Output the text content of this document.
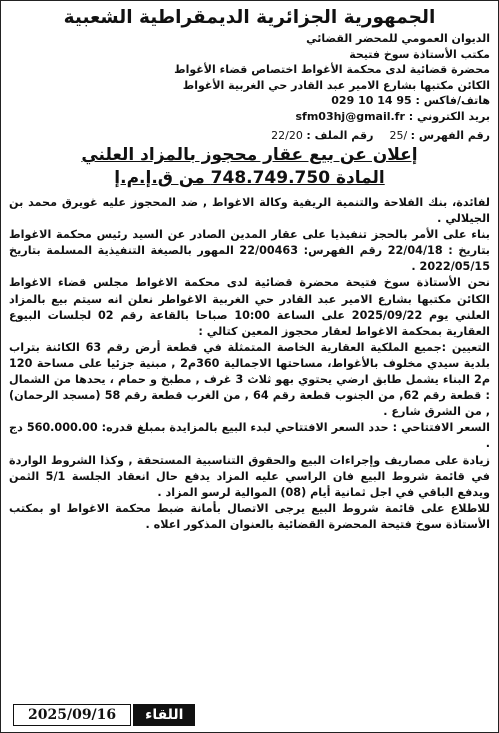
الجمهورية الجزائرية الديمقراطية الشعبية
الديوان العمومي للمحضر القضائي
مكتب الأستاذة سوخ فتيحة
محضرة قضائية لدى محكمة الأغواط اختصاص قضاء الأغواط
الكائن مكتبها بشارع الامير عبد القادر حي الغربية الأغواط
هاتف/فاكس : 029 10 14 95
بريد الكتروني : sfm03hj@gmail.fr
رقم الفهرس : /25
رقم الملف : 22/20
إعلان عن بيع عقار محجوز بالمزاد العلني
المادة 748.749.750 من ق.إ.م.إ

لفائدة، بنك الفلاحة والتنمية الريفية وكالة الاغواط , ضد المحجوز عليه غويرق محمد بن الجيلالي .

بناء على الأمر بالحجز تنفيذيا على عقار المدين الصادر عن السيد رئيس محكمة الاغواط بتاريخ : 22/04/18 رقم الفهرس: 22/00463 المهور بالصيغة التنفيذية المسلمة بتاريخ 2022/05/15 .

نحن الأستاذة سوخ فتيحة محضرة قضائية لدى محكمة الاغواط مجلس قضاء الاغواط الكائن مكتبها بشارع الامير عبد القادر حي الغربية الاغواطر نعلن انه سيتم بيع بالمزاد العلني يوم 2025/09/22 على الساعة 10:00 صباحا بالقاعة رقم 02 لجلسات البيوع العقارية بمحكمة الاغواط لعقار محجوز المعين كتالي :

التعيين :جميع الملكية العقارية الخاصة المتمثلة في قطعة أرض رقم 63 الكائنة بتراب بلدية سيدي مخلوف بالأغواط، مساحتها الاجمالية 360م2 , مبنية جزئيا على مساحة 120 م2 البناء يشمل طابق ارضي يحتوي بهو ثلاث 3 غرف , مطبخ و حمام ، يحدها من الشمال : قطعة رقم 62, من الجنوب قطعة رقم 64 , من الغرب قطعة رقم 58 (مسجد الرحمان) , من الشرق شارع .

السعر الافتتاحي : حدد السعر الافتتاحي لبدء البيع بالمزايدة بمبلغ قدره: 560.000.00 دج .

زيادة على مصاريف وإجراءات البيع والحقوق التناسبية المستحقة , وكذا الشروط الواردة في قائمة شروط البيع فان الراسي عليه المزاد يدفع حال انعقاد الجلسة 5/1 الثمن ويدفع الباقي في اجل ثمانية أيام (08) الموالية لرسو المزاد .

للاطلاع على قائمة شروط البيع يرجى الاتصال بأمانة ضبط محكمة الاغواط او بمكتب الأستاذة سوخ فتيحة المحضرة القضائية بالعنوان المذكور اعلاه .

2025/09/16	اللقاء
